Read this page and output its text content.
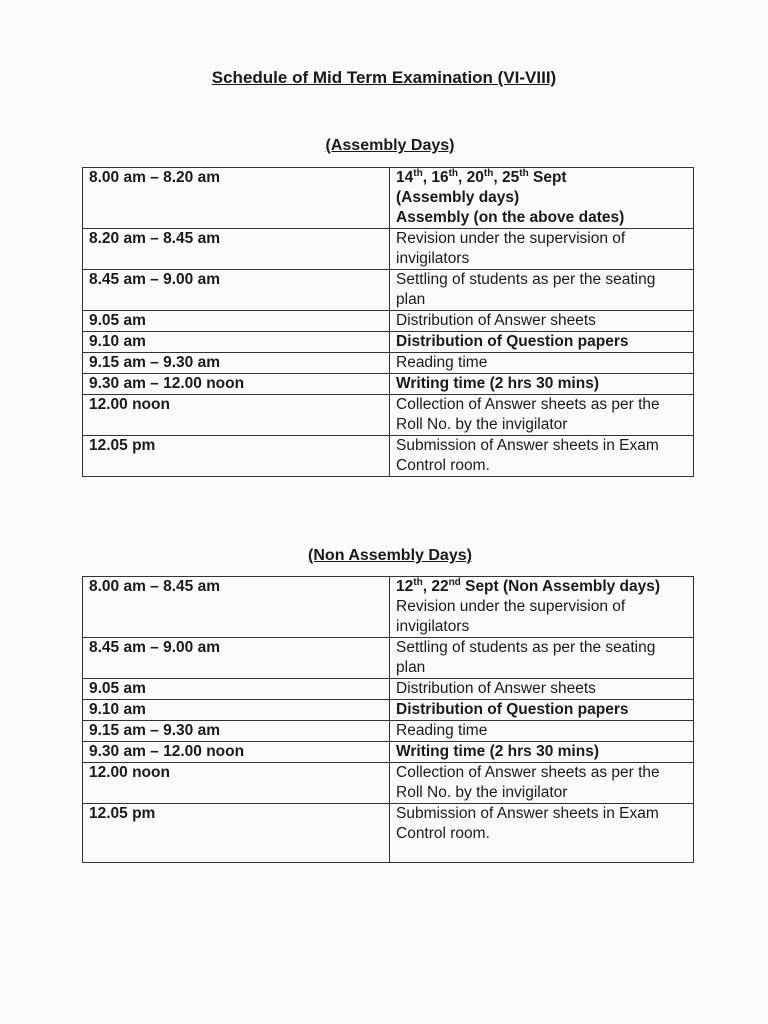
Schedule of Mid Term Examination (VI-VIII)
(Assembly Days)
8.00 am – 8.20 am	14th, 16th, 20th, 25th Sept
(Assembly days)
Assembly (on the above dates)

8.20 am – 8.45 am	Revision under the supervision of invigilators
8.45 am – 9.00 am	Settling of students as per the seating plan
9.05 am	Distribution of Answer sheets
9.10 am	Distribution of Question papers
9.15 am – 9.30 am	Reading time
9.30 am – 12.00 noon	Writing time (2 hrs 30 mins)
12.00 noon	Collection of Answer sheets as per the Roll No. by the invigilator
12.05 pm	Submission of Answer sheets in Exam Control room.
(Non Assembly Days)
8.00 am – 8.45 am	12th, 22nd Sept (Non Assembly days)
Revision under the supervision of invigilators

8.45 am – 9.00 am	Settling of students as per the seating plan
9.05 am	Distribution of Answer sheets
9.10 am	Distribution of Question papers
9.15 am – 9.30 am	Reading time
9.30 am – 12.00 noon	Writing time (2 hrs 30 mins)
12.00 noon	Collection of Answer sheets as per the Roll No. by the invigilator
12.05 pm	Submission of Answer sheets in Exam Control room.
